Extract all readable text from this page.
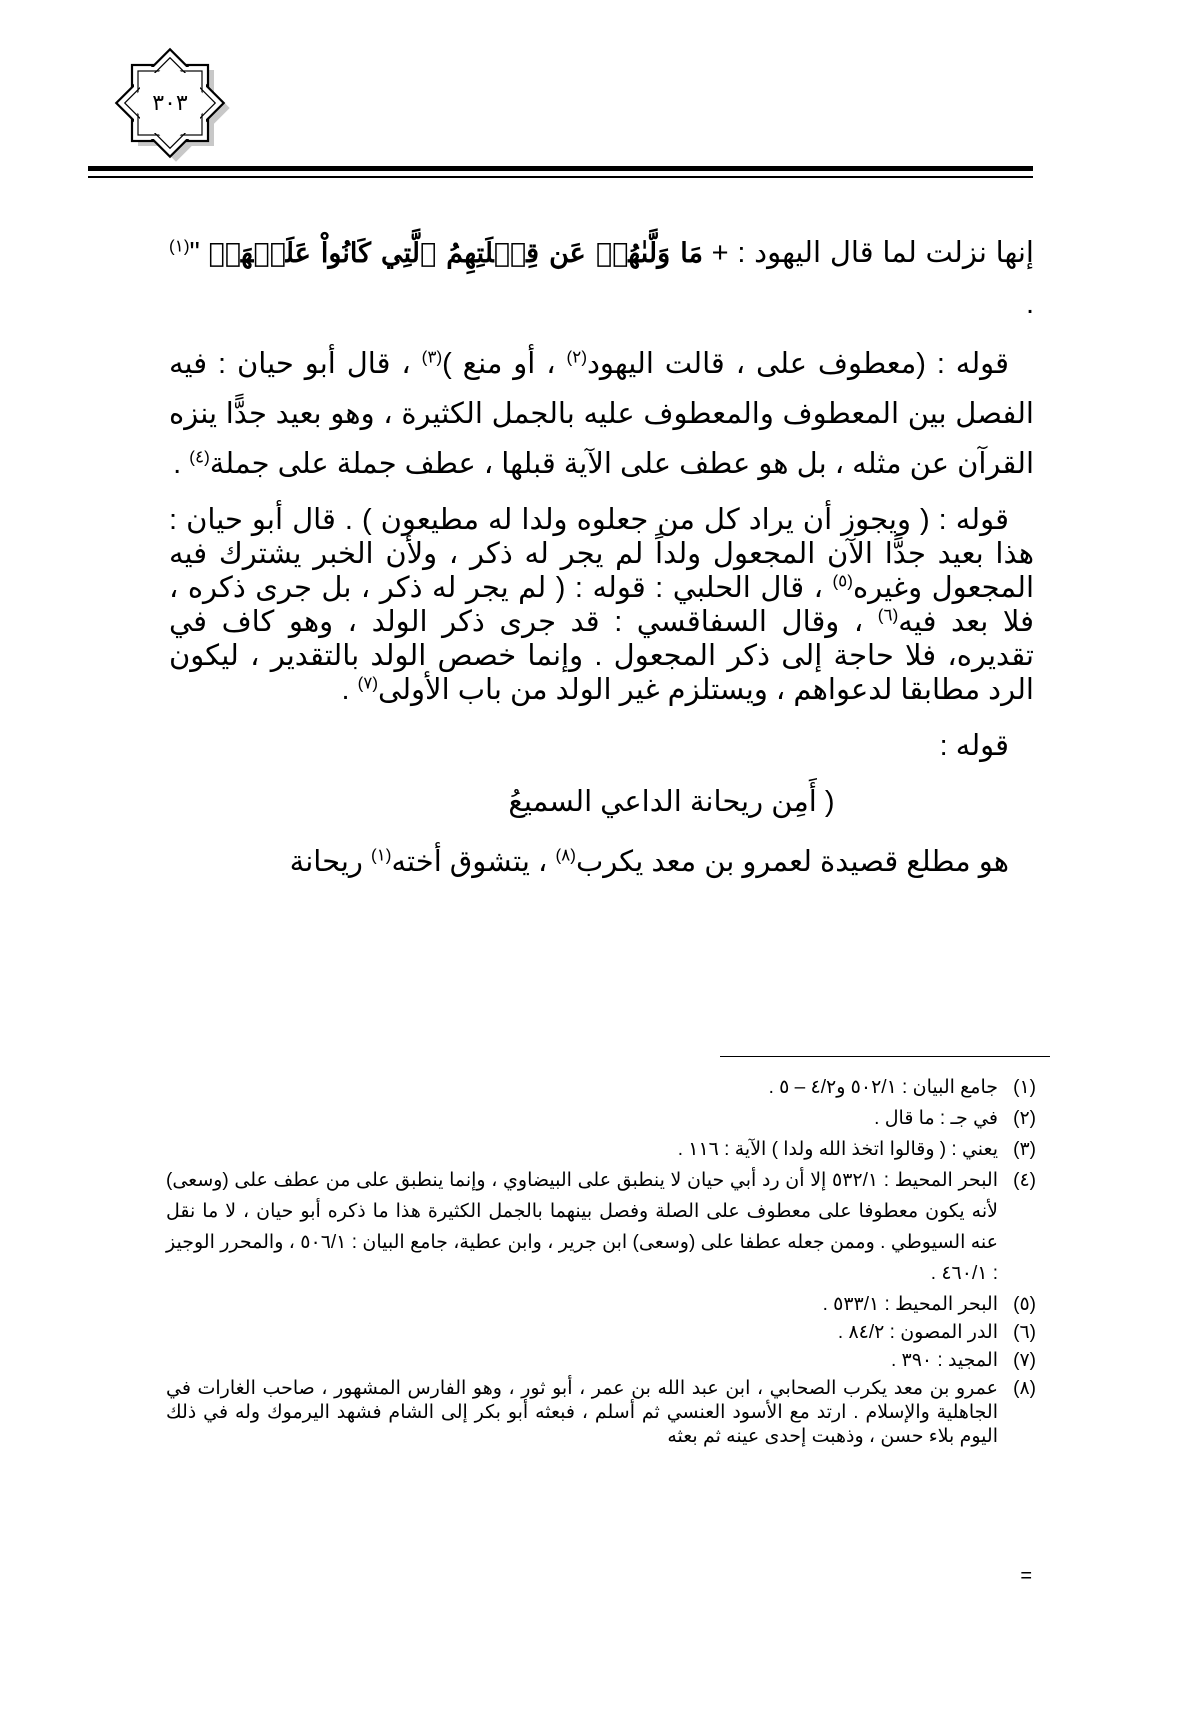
٣٠٣

إنها نزلت لما قال اليهود : + مَا وَلَّىٰهُمۡ عَن قِبۡلَتِهِمُ ٱلَّتِي كَانُواْ عَلَيۡهَاۚ "$^{(١)}$ .

قوله : (معطوف على ، قالت اليهود$^{(٢)}$ ، أو منع )$^{(٣)}$ ، قال أبو حيان : فيه الفصل بين المعطوف والمعطوف عليه بالجمل الكثيرة ، وهو بعيد جدًّا ينزه القرآن عن مثله ، بل هو عطف على الآية قبلها ، عطف جملة على جملة$^{(٤)}$ .

قوله : ( ويجوز أن يراد كل من جعلوه ولدا له مطيعون ) . قال أبو حيان : هذا بعيد جدًّا الآن المجعول ولداً لم يجر له ذكر ، ولأن الخبر يشترك فيه المجعول وغيره$^{(٥)}$ ، قال الحلبي : قوله : ( لم يجر له ذكر ، بل جرى ذكره ، فلا بعد فيه$^{(٦)}$ ، وقال السفاقسي : قد جرى ذكر الولد ، وهو كاف في تقديره، فلا حاجة إلى ذكر المجعول . وإنما خصص الولد بالتقدير ، ليكون الرد مطابقا لدعواهم ، ويستلزم غير الولد من باب الأولى$^{(٧)}$ .

قوله :

( أَمِن ريحانة الداعي السميعُ

هو مطلع قصيدة لعمرو بن معد يكرب$^{(٨)}$ ، يتشوق أخته$^{(١)}$ ريحانة

(١)
جامع البيان : ٥٠٢/١ و٤/٢ – ٥ .

(٢)
في جـ : ما قال .

(٣)
يعني : ( وقالوا اتخذ الله ولدا ) الآية : ١١٦ .

(٤)
البحر المحيط : ٥٣٢/١ إلا أن رد أبي حيان لا ينطبق على البيضاوي ، وإنما ينطبق على من عطف على (وسعى) لأنه يكون معطوفا على معطوف على الصلة وفصل بينهما بالجمل الكثيرة هذا ما ذكره أبو حيان ، لا ما نقل عنه السيوطي . وممن جعله عطفا على (وسعى) ابن جرير ، وابن عطية، جامع البيان : ٥٠٦/١ ، والمحرر الوجيز : ٤٦٠/١ .

(٥)
البحر المحيط : ٥٣٣/١ .

(٦)
الدر المصون : ٨٤/٢ .

(٧)
المجيد : ٣٩٠ .

(٨)
عمرو بن معد يكرب الصحابي ، ابن عبد الله بن عمر ، أبو ثور ، وهو الفارس المشهور ، صاحب الغارات في الجاهلية والإسلام . ارتد مع الأسود العنسي ثم أسلم ، فبعثه أبو بكر إلى الشام فشهد اليرموك وله في ذلك اليوم بلاء حسن ، وذهبت إحدى عينه ثم بعثه

=
